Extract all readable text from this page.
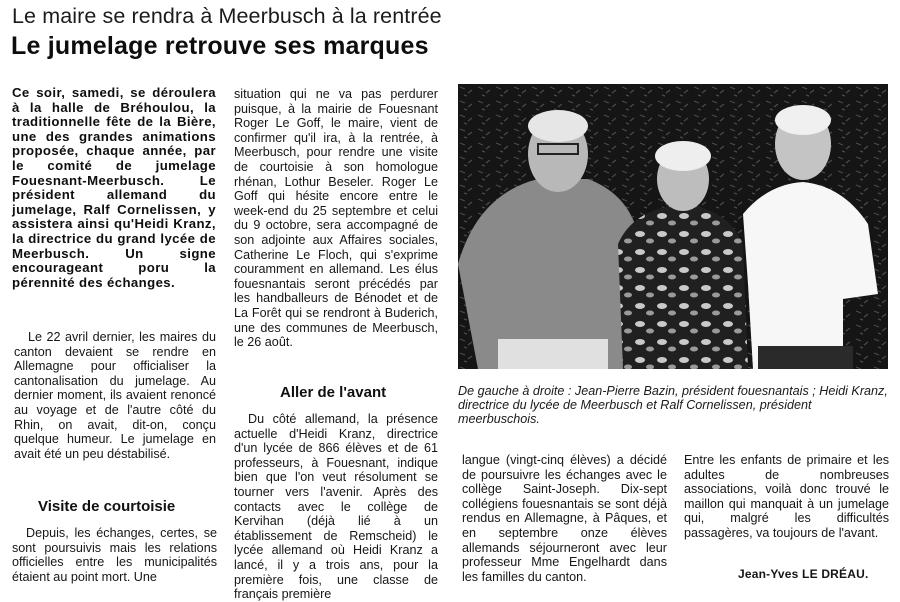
Le maire se rendra à Meerbusch à la rentrée
Le jumelage retrouve ses marques

Ce soir, samedi, se déroulera à la halle de Bréhoulou, la traditionnelle fête de la Bière, une des grandes animations proposée, chaque année, par le comité de jumelage Fouesnant-Meerbusch. Le président allemand du jumelage, Ralf Cornelissen, y assistera ainsi qu'Heidi Kranz, la directrice du grand lycée de Meerbusch. Un signe encourageant poru la pérennité des échanges.

Le 22 avril dernier, les maires du canton devaient se rendre en Allemagne pour officialiser la cantonalisation du jumelage. Au dernier moment, ils avaient renoncé au voyage et de l'autre côté du Rhin, on avait, dit-on, conçu quelque humeur. Le jumelage en avait été un peu déstabilisé.

Visite de courtoisie

Depuis, les échanges, certes, se sont poursuivis mais les relations officielles entre les municipalités étaient au point mort. Une

situation qui ne va pas perdurer puisque, à la mairie de Fouesnant Roger Le Goff, le maire, vient de confirmer qu'il ira, à la rentrée, à Meerbusch, pour rendre une visite de courtoisie à son homologue rhénan, Lothur Beseler. Roger Le Goff qui hésite encore entre le week-end du 25 septembre et celui du 9 octobre, sera accompagné de son adjointe aux Affaires sociales, Catherine Le Floch, qui s'exprime couramment en allemand. Les élus fouesnantais seront précédés par les handballeurs de Bénodet et de La Forêt qui se rendront à Buderich, une des communes de Meerbusch, le 26 août.

Aller de l'avant

Du côté allemand, la présence actuelle d'Heidi Kranz, directrice d'un lycée de 866 élèves et de 61 professeurs, à Fouesnant, indique bien que l'on veut résolument se tourner vers l'avenir. Après des contacts avec le collège de Kervihan (déjà lié à un établissement de Remscheid) le lycée allemand où Heidi Kranz a lancé, il y a trois ans, pour la première fois, une classe de français première

De gauche à droite : Jean-Pierre Bazin, président fouesnantais ; Heidi Kranz, directrice du lycée de Meerbusch et Ralf Cornelissen, président meerbuschois.

langue (vingt-cinq élèves) a décidé de poursuivre les échanges avec le collège Saint-Joseph. Dix-sept collégiens fouesnantais se sont déjà rendus en Allemagne, à Pâques, et en septembre onze élèves allemands séjourneront avec leur professeur Mme Engelhardt dans les familles du canton.

Entre les enfants de primaire et les adultes de nombreuses associations, voilà donc trouvé le maillon qui manquait à un jumelage qui, malgré les difficultés passagères, va toujours de l'avant.

Jean-Yves LE DRÉAU.
